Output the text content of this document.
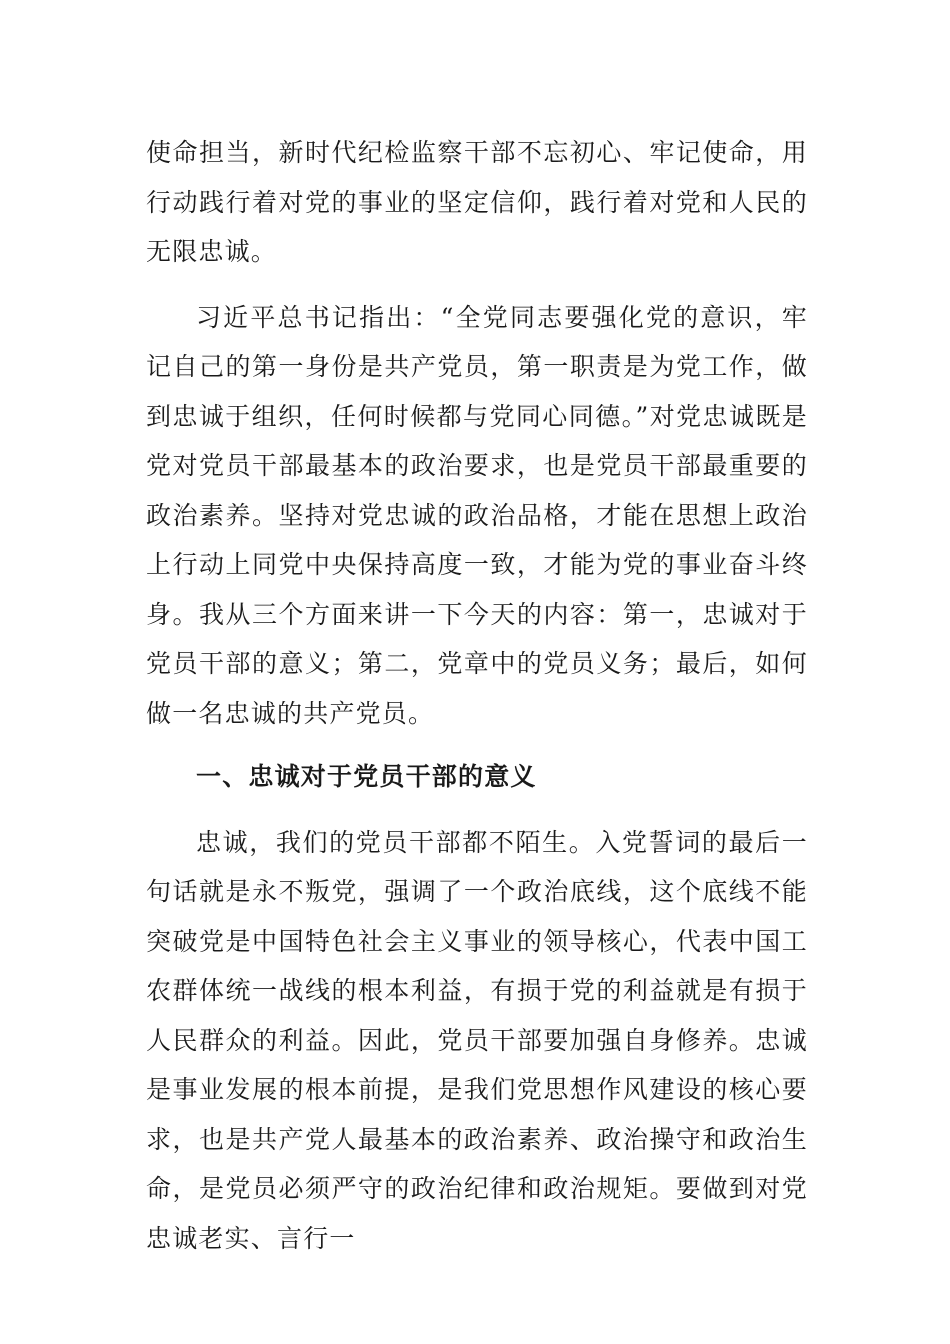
使命担当，新时代纪检监察干部不忘初心、牢记使命，用行动践行着对党的事业的坚定信仰，践行着对党和人民的无限忠诚。

习近平总书记指出：“全党同志要强化党的意识，牢记自己的第一身份是共产党员，第一职责是为党工作，做到忠诚于组织，任何时候都与党同心同德。”对党忠诚既是党对党员干部最基本的政治要求，也是党员干部最重要的政治素养。坚持对党忠诚的政治品格，才能在思想上政治上行动上同党中央保持高度一致，才能为党的事业奋斗终身。我从三个方面来讲一下今天的内容：第一，忠诚对于党员干部的意义；第二，党章中的党员义务；最后，如何做一名忠诚的共产党员。

一、忠诚对于党员干部的意义

忠诚，我们的党员干部都不陌生。入党誓词的最后一句话就是永不叛党，强调了一个政治底线，这个底线不能突破党是中国特色社会主义事业的领导核心，代表中国工农群体统一战线的根本利益，有损于党的利益就是有损于人民群众的利益。因此，党员干部要加强自身修养。忠诚是事业发展的根本前提，是我们党思想作风建设的核心要求，也是共产党人最基本的政治素养、政治操守和政治生命，是党员必须严守的政治纪律和政治规矩。要做到对党忠诚老实、言行一
